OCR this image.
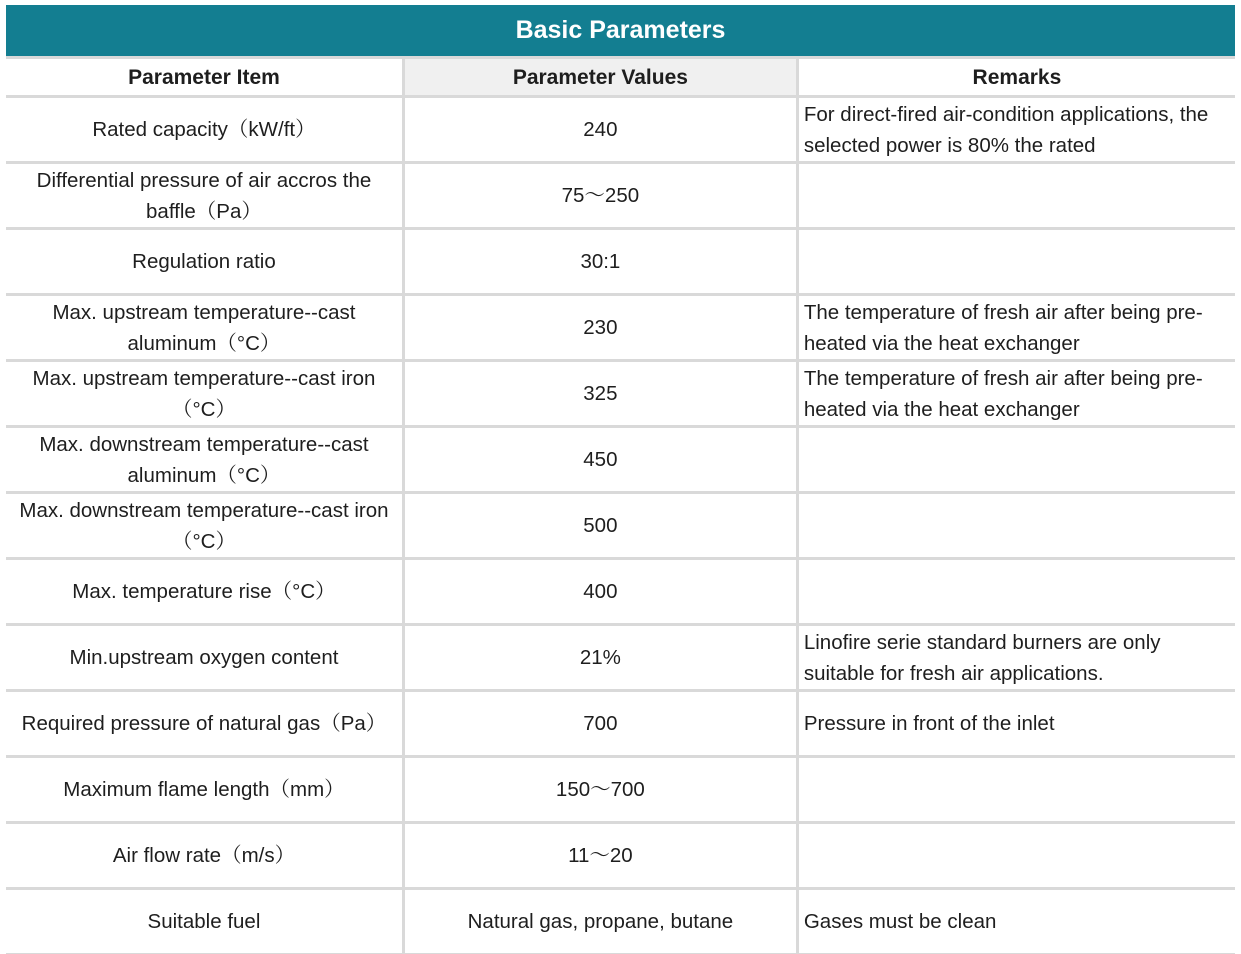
Basic Parameters
Parameter Item	Parameter Values	Remarks
Rated capacity（kW/ft）	240	For direct-fired air-condition applications, the selected power is 80% the rated
Differential pressure of air accros the baffle（Pa）	75～250	
Regulation ratio	30:1	
Max. upstream temperature--cast aluminum（°C）	230	The temperature of fresh air after being pre-heated via the heat exchanger
Max. upstream temperature--cast iron（°C）	325	The temperature of fresh air after being pre-heated via the heat exchanger
Max. downstream temperature--cast aluminum（°C）	450	
Max. downstream temperature--cast iron（°C）	500	
Max. temperature rise（°C）	400	
Min.upstream oxygen content	21%	Linofire serie standard burners are only suitable for fresh air applications.
Required pressure of natural gas（Pa）	700	Pressure in front of the inlet
Maximum flame length（mm）	150～700	
Air flow rate（m/s）	11～20	
Suitable fuel	Natural gas, propane, butane	Gases must be clean
